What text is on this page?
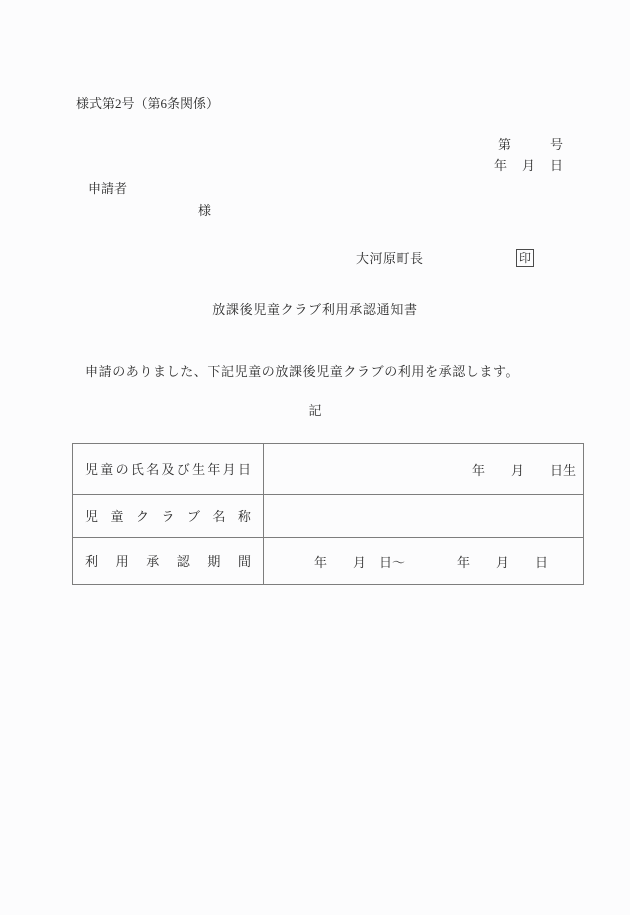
様式第2号（第6条関係）
第　　　号
年　月　日
申請者
様
大河原町長	印
放課後児童クラブ利用承認通知書
申請のありました、下記児童の放課後児童クラブの利用を承認します。
記
児 童 の 氏 名 及 び 生 年 月 日	年　　月　　日生

児 童 ク ラ ブ 名 称

利 用 承 認 期 間	年　　月　日～　　　　年　　月　　日
